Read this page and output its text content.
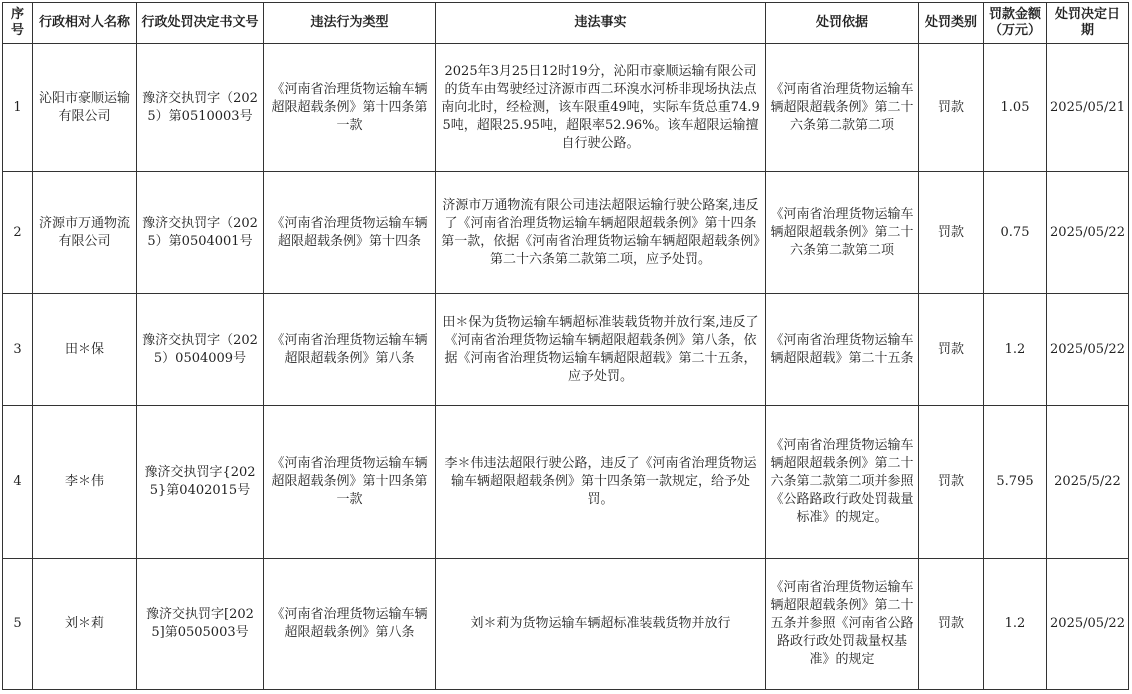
序号	行政相对人名称	行政处罚决定书文号	违法行为类型	违法事实	处罚依据	处罚类别	罚款金额（万元）	处罚决定日期
1	沁阳市豪顺运输有限公司	豫济交执罚字（2025）第0510003号	《河南省治理货物运输车辆超限超载条例》第十四条第一款	2025年3月25日12时19分，沁阳市豪顺运输有限公司的货车由驾驶经过济源市西二环溴水河桥非现场执法点南向北时，经检测，该车限重49吨，实际车货总重74.95吨，超限25.95吨，超限率52.96%。该车超限运输擅自行驶公路。	《河南省治理货物运输车辆超限超载条例》第二十六条第二款第二项	罚款	1.05	2025/05/21
2	济源市万通物流有限公司	豫济交执罚字（2025）第0504001号	《河南省治理货物运输车辆超限超载条例》第十四条	济源市万通物流有限公司违法超限运输行驶公路案,违反了《河南省治理货物运输车辆超限超载条例》第十四条第一款，依据《河南省治理货物运输车辆超限超载条例》第二十六条第二款第二项，应予处罚。	《河南省治理货物运输车辆超限超载条例》第二十六条第二款第二项	罚款	0.75	2025/05/22
3	田＊保	豫济交执罚字（2025）0504009号	《河南省治理货物运输车辆超限超载条例》第八条	田＊保为货物运输车辆超标准装载货物并放行案,违反了《河南省治理货物运输车辆超限超载条例》第八条，依据《河南省治理货物运输车辆超限超载》第二十五条，应予处罚。	《河南省治理货物运输车辆超限超载》第二十五条	罚款	1.2	2025/05/22
4	李＊伟	豫济交执罚字{2025}第0402015号	《河南省治理货物运输车辆超限超载条例》第十四条第一款	李＊伟违法超限行驶公路，违反了《河南省治理货物运输车辆超限超载条例》第十四条第一款规定，给予处罚。	《河南省治理货物运输车辆超限超载条例》第二十六条第二款第二项并参照《公路路政行政处罚裁量标准》的规定。	罚款	5.795	2025/5/22
5	刘＊莉	豫济交执罚字[2025]第0505003号	《河南省治理货物运输车辆超限超载条例》第八条	刘＊莉为货物运输车辆超标准装载货物并放行	《河南省治理货物运输车辆超限超载条例》第二十五条并参照《河南省公路路政行政处罚裁量权基准》的规定	罚款	1.2	2025/05/22
